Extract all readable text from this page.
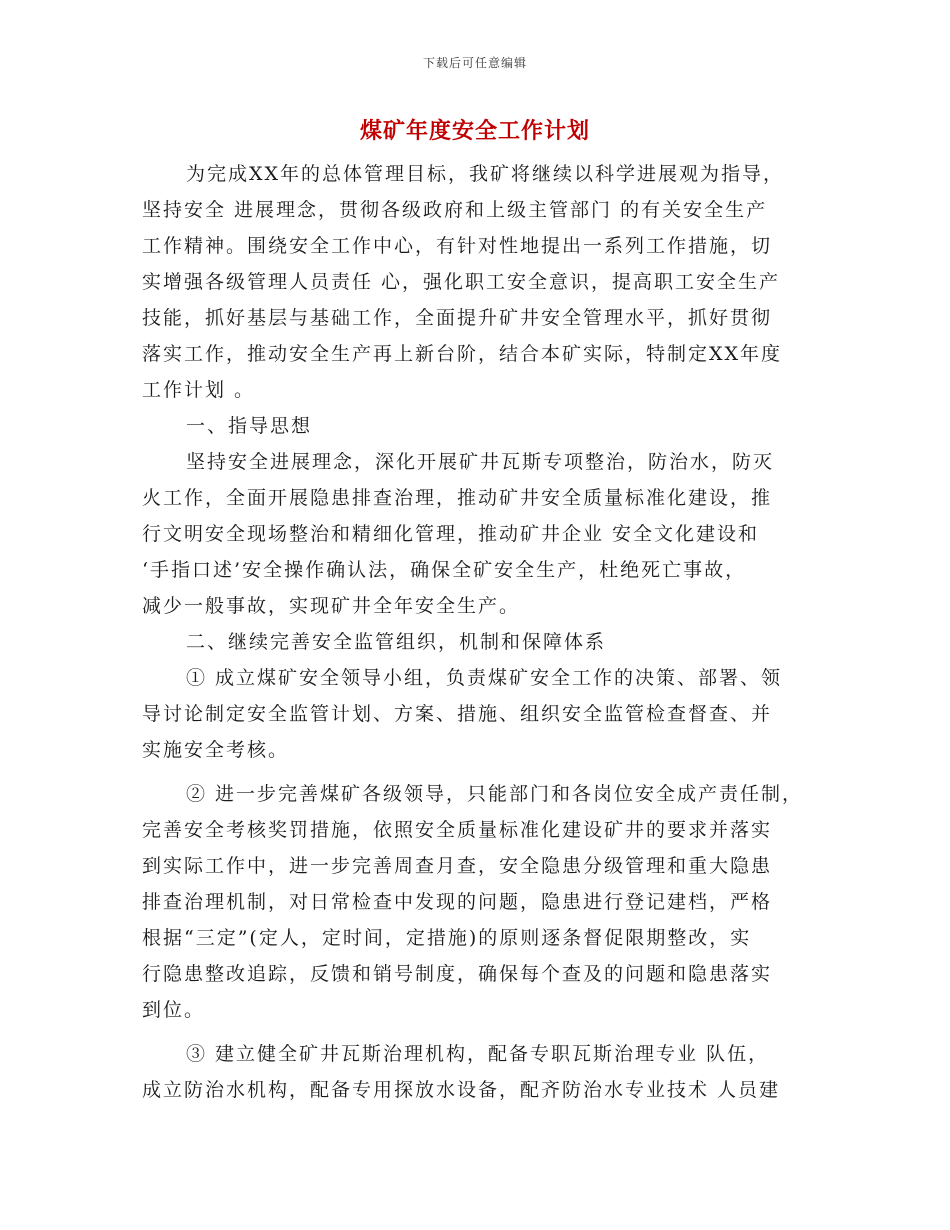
下载后可任意编辑
煤矿年度安全工作计划
为完成XX年的总体管理目标，我矿将继续以科学进展观为指导，
坚持安全 进展理念，贯彻各级政府和上级主管部门 的有关安全生产
工作精神。围绕安全工作中心，有针对性地提出一系列工作措施，切
实增强各级管理人员责任 心，强化职工安全意识，提高职工安全生产
技能，抓好基层与基础工作，全面提升矿井安全管理水平，抓好贯彻
落实工作，推动安全生产再上新台阶，结合本矿实际，特制定XX年度
工作计划 。
一、指导思想
坚持安全进展理念，深化开展矿井瓦斯专项整治，防治水，防灭
火工作，全面开展隐患排查治理，推动矿井安全质量标准化建设，推
行文明安全现场整治和精细化管理，推动矿井企业 安全文化建设和
‘手指口述’安全操作确认法，确保全矿安全生产，杜绝死亡事故，
减少一般事故，实现矿井全年安全生产。
二、继续完善安全监管组织，机制和保障体系
① 成立煤矿安全领导小组，负责煤矿安全工作的决策、部署、领
导讨论制定安全监管计划、方案、措施、组织安全监管检查督查、并
实施安全考核。
② 进一步完善煤矿各级领导，只能部门和各岗位安全成产责任制，
完善安全考核奖罚措施，依照安全质量标准化建设矿井的要求并落实
到实际工作中，进一步完善周查月查，安全隐患分级管理和重大隐患
排查治理机制，对日常检查中发现的问题，隐患进行登记建档，严格
根据“三定”(定人，定时间，定措施)的原则逐条督促限期整改，实
行隐患整改追踪，反馈和销号制度，确保每个查及的问题和隐患落实
到位。
③ 建立健全矿井瓦斯治理机构，配备专职瓦斯治理专业 队伍，
成立防治水机构，配备专用探放水设备，配齐防治水专业技术 人员建
